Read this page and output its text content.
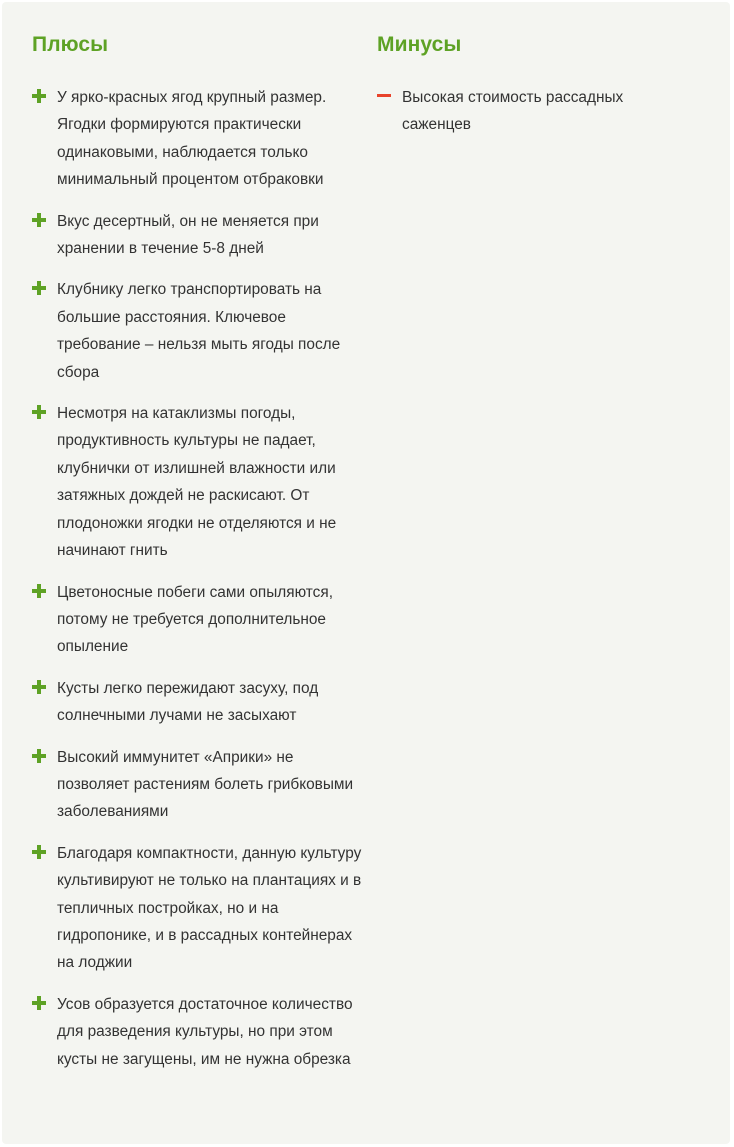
Плюсы
У ярко-красных ягод крупный размер. Ягодки формируются практически одинаковыми, наблюдается только минимальный процентом отбраковки
Вкус десертный, он не меняется при хранении в течение 5-8 дней
Клубнику легко транспортировать на большие расстояния. Ключевое требование – нельзя мыть ягоды после сбора
Несмотря на катаклизмы погоды, продуктивность культуры не падает, клубнички от излишней влажности или затяжных дождей не раскисают. От плодоножки ягодки не отделяются и не начинают гнить
Цветоносные побеги сами опыляются, потому не требуется дополнительное опыление
Кусты легко пережидают засуху, под солнечными лучами не засыхают
Высокий иммунитет «Априки» не позволяет растениям болеть грибковыми заболеваниями
Благодаря компактности, данную культуру культивируют не только на плантациях и в тепличных постройках, но и на гидропонике, и в рассадных контейнерах на лоджии
Усов образуется достаточное количество для разведения культуры, но при этом кусты не загущены, им не нужна обрезка
Минусы
Высокая стоимость рассадных саженцев
